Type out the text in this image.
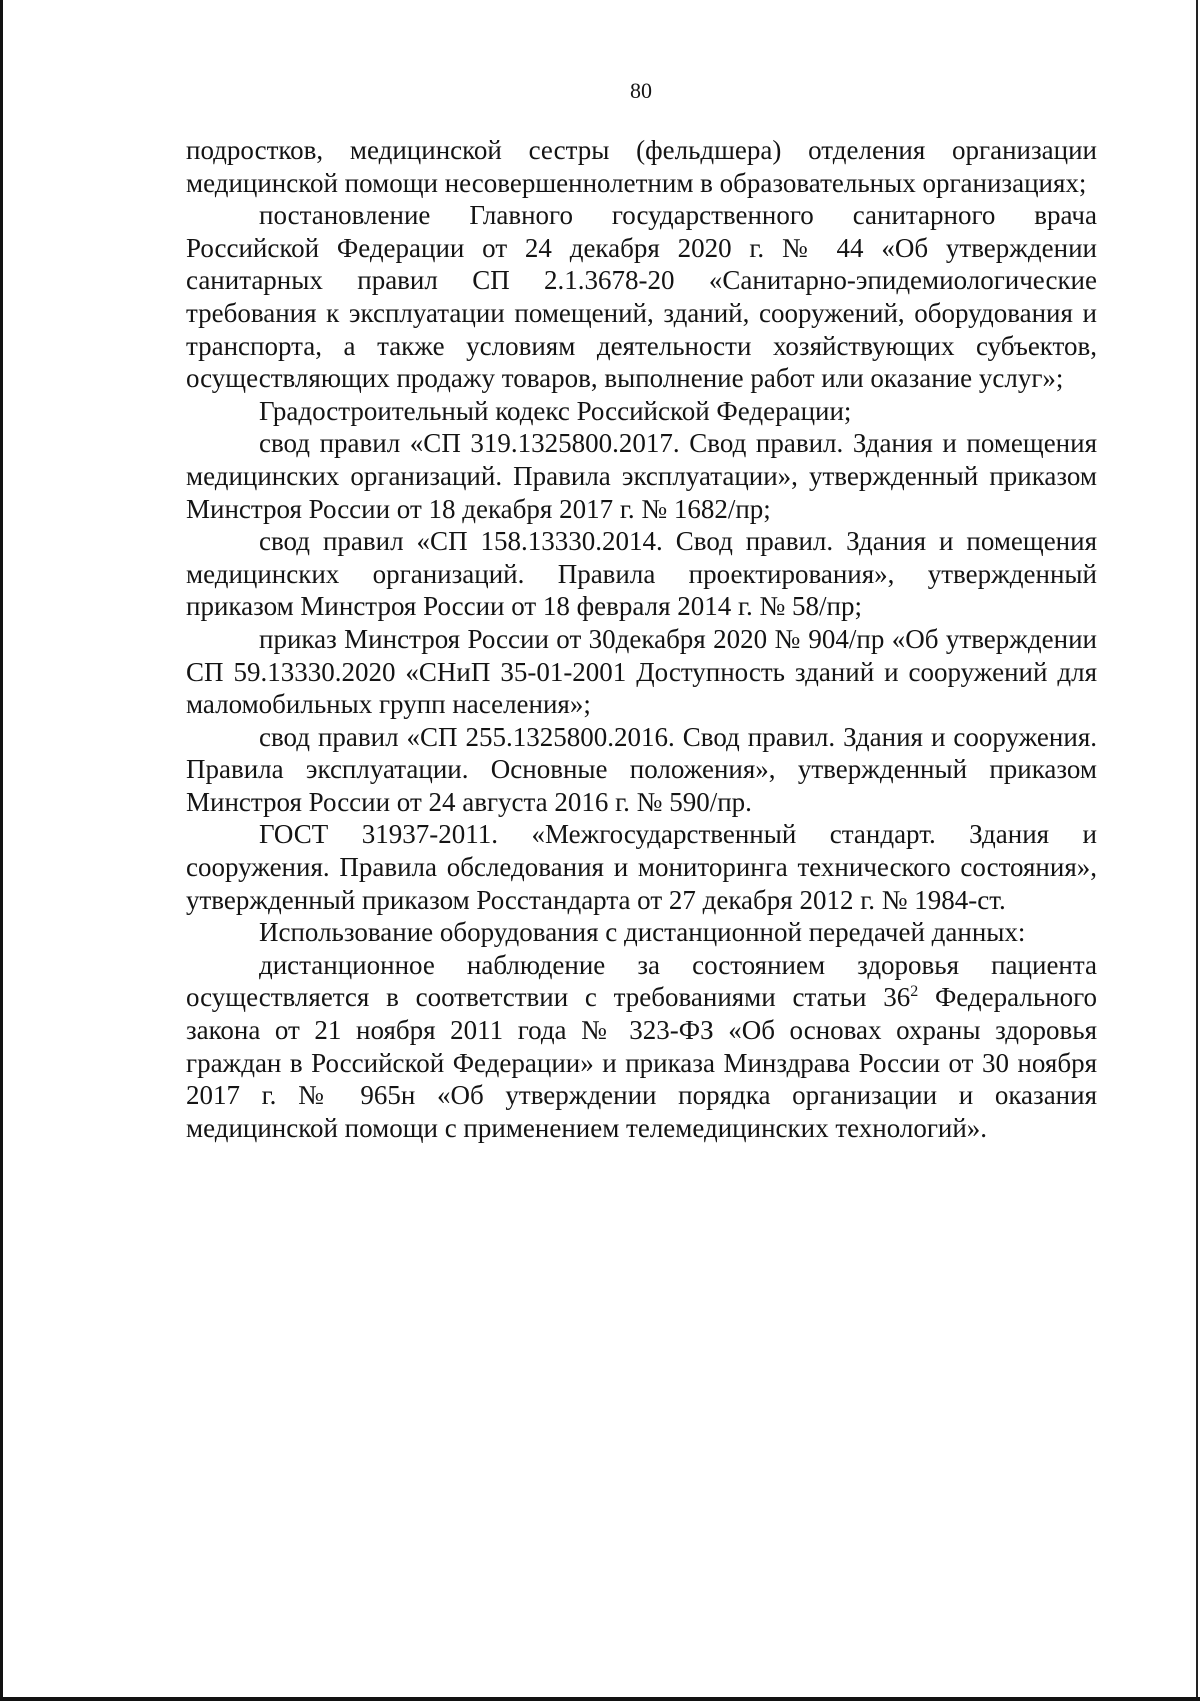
80

подростков, медицинской сестры (фельдшера) отделения организации медицинской помощи несовершеннолетним в образовательных организациях;

постановление Главного государственного санитарного врача Российской Федерации от 24 декабря 2020 г. № 44 «Об утверждении санитарных правил СП 2.1.3678-20 «Санитарно-эпидемиологические требования к эксплуатации помещений, зданий, сооружений, оборудования и транспорта, а также условиям деятельности хозяйствующих субъектов, осуществляющих продажу товаров, выполнение работ или оказание услуг»;

Градостроительный кодекс Российской Федерации;

свод правил «СП 319.1325800.2017. Свод правил. Здания и помещения медицинских организаций. Правила эксплуатации», утвержденный приказом Минстроя России от 18 декабря 2017 г. № 1682/пр;

свод правил «СП 158.13330.2014. Свод правил. Здания и помещения медицинских организаций. Правила проектирования», утвержденный приказом Минстроя России от 18 февраля 2014 г. № 58/пр;

приказ Минстроя России от 30декабря 2020 № 904/пр «Об утверждении СП 59.13330.2020 «СНиП 35-01-2001 Доступность зданий и сооружений для маломобильных групп населения»;

свод правил «СП 255.1325800.2016. Свод правил. Здания и сооружения. Правила эксплуатации. Основные положения», утвержденный приказом Минстроя России от 24 августа 2016 г. № 590/пр.

ГОСТ 31937-2011. «Межгосударственный стандарт. Здания и сооружения. Правила обследования и мониторинга технического состояния», утвержденный приказом Росстандарта от 27 декабря 2012 г. № 1984-ст.

Использование оборудования с дистанционной передачей данных:

дистанционное наблюдение за состоянием здоровья пациента осуществляется в соответствии с требованиями статьи $36^2$ Федерального закона от 21 ноября 2011 года № 323-ФЗ «Об основах охраны здоровья граждан в Российской Федерации» и приказа Минздрава России от 30 ноября 2017 г. № 965н «Об утверждении порядка организации и оказания медицинской помощи с применением телемедицинских технологий».
